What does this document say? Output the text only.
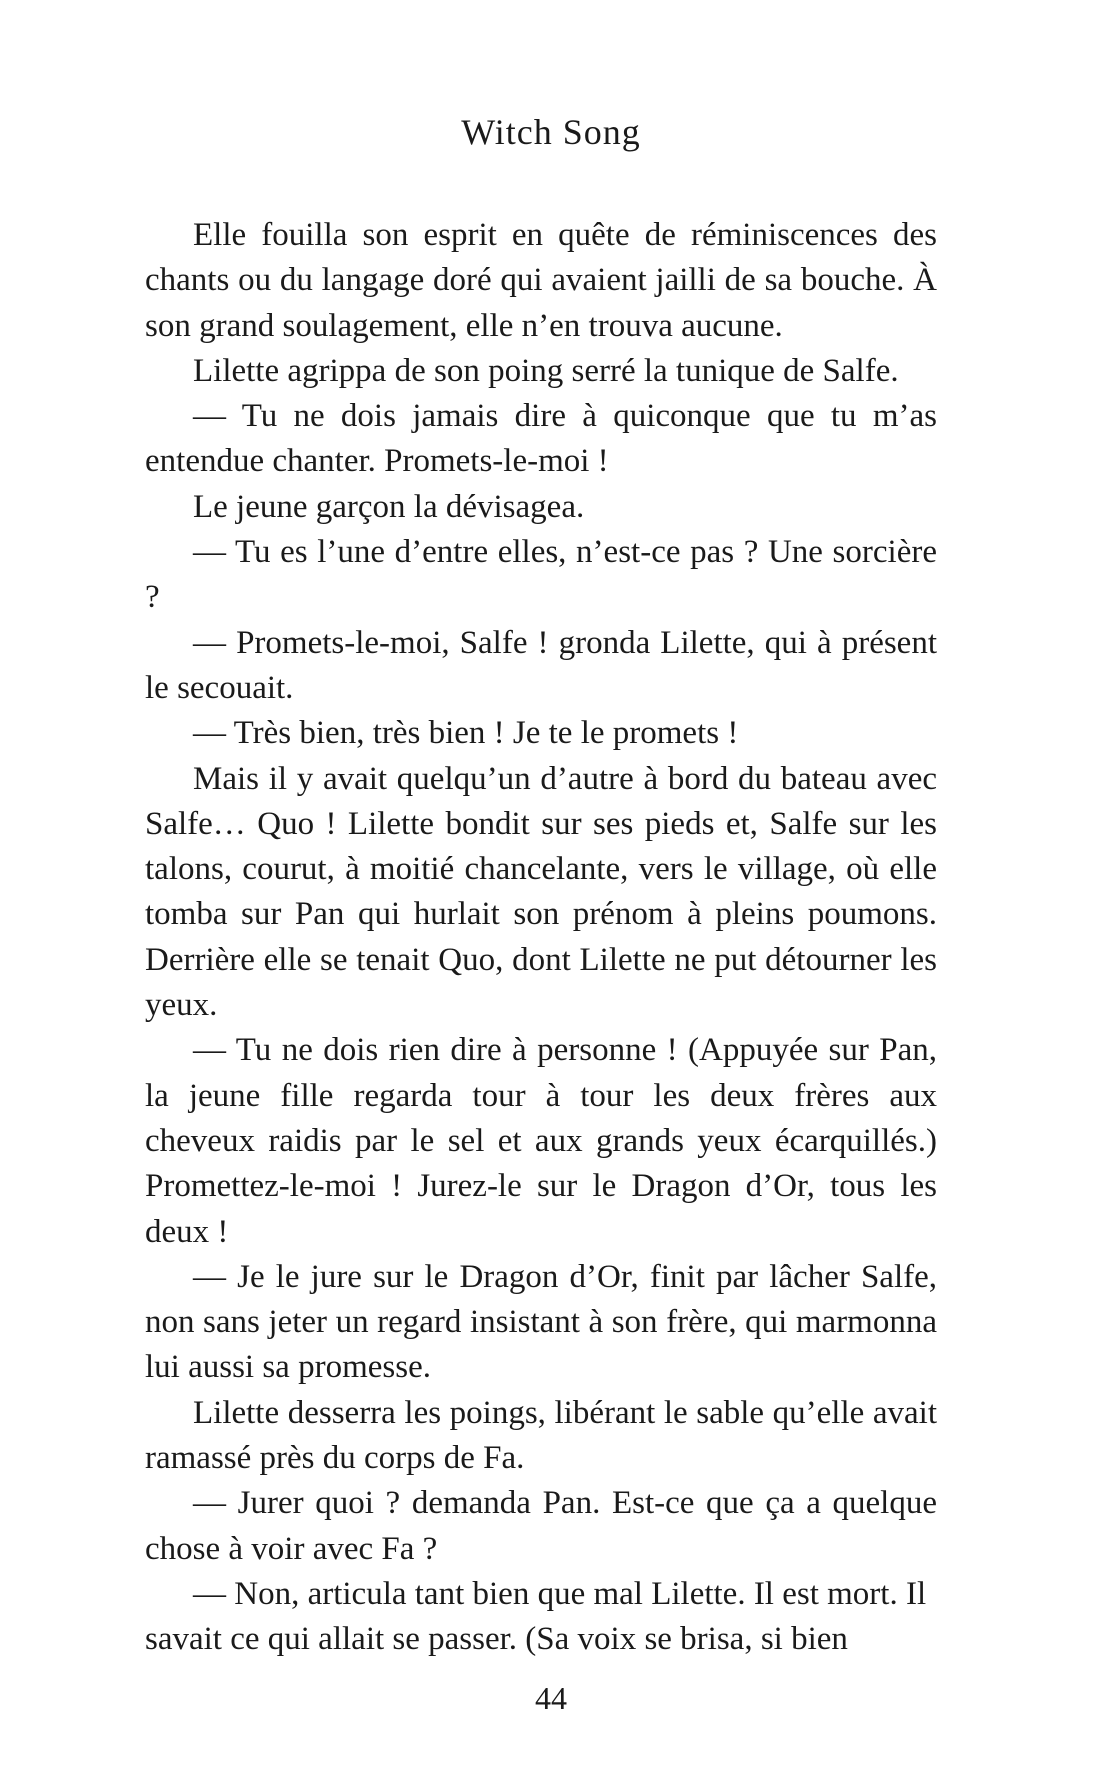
Witch Song

Elle fouilla son esprit en quête de réminiscences des chants ou du langage doré qui avaient jailli de sa bouche. À son grand soulagement, elle n’en trouva aucune.

Lilette agrippa de son poing serré la tunique de Salfe.

— Tu ne dois jamais dire à quiconque que tu m’as entendue chanter. Promets-le-moi !

Le jeune garçon la dévisagea.

— Tu es l’une d’entre elles, n’est-ce pas ? Une sorcière ?

— Promets-le-moi, Salfe ! gronda Lilette, qui à présent le secouait.

— Très bien, très bien ! Je te le promets !

Mais il y avait quelqu’un d’autre à bord du bateau avec Salfe… Quo ! Lilette bondit sur ses pieds et, Salfe sur les talons, courut, à moitié chancelante, vers le village, où elle tomba sur Pan qui hurlait son prénom à pleins poumons. Derrière elle se tenait Quo, dont Lilette ne put détourner les yeux.

— Tu ne dois rien dire à personne ! (Appuyée sur Pan, la jeune fille regarda tour à tour les deux frères aux cheveux raidis par le sel et aux grands yeux écarquillés.) Promettez-le-moi ! Jurez-le sur le Dragon d’Or, tous les deux !

— Je le jure sur le Dragon d’Or, finit par lâcher Salfe, non sans jeter un regard insistant à son frère, qui marmonna lui aussi sa promesse.

Lilette desserra les poings, libérant le sable qu’elle avait ramassé près du corps de Fa.

— Jurer quoi ? demanda Pan. Est-ce que ça a quelque chose à voir avec Fa ?

— Non, articula tant bien que mal Lilette. Il est mort. Il savait ce qui allait se passer. (Sa voix se brisa, si bien

44
